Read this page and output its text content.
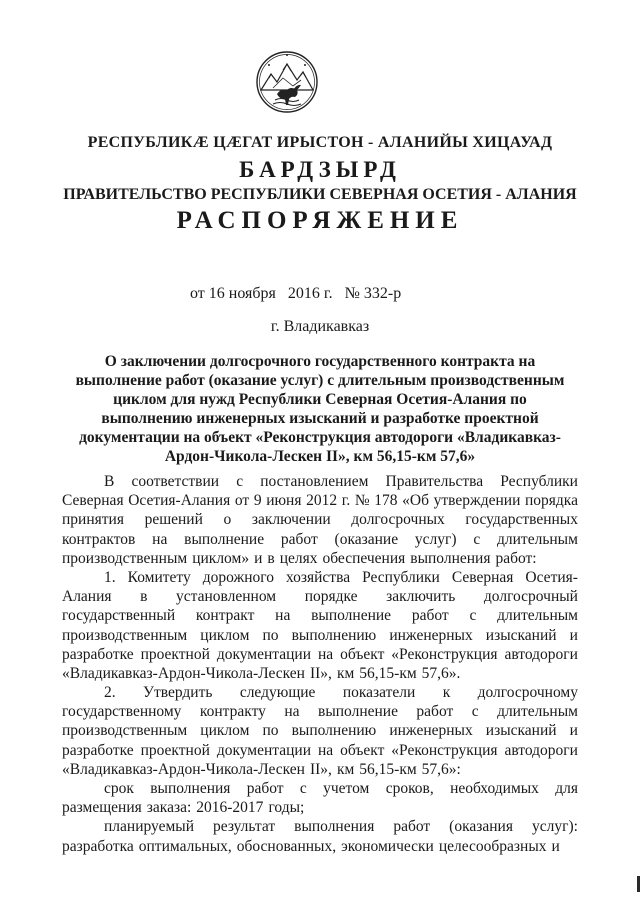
РЕСПУБЛИКӔ ЦӔГАТ ИРЫСТОН - АЛАНИЙЫ ХИЦАУАД
БАРДЗЫРД
ПРАВИТЕЛЬСТВО РЕСПУБЛИКИ СЕВЕРНАЯ ОСЕТИЯ - АЛАНИЯ
РАСПОРЯЖЕНИЕ
от 16 ноября   2016 г.   № 332-р
г. Владикавказ
О заключении долгосрочного государственного контракта на
выполнение работ (оказание услуг) с длительным производственным
циклом для нужд Республики Северная Осетия-Алания по
выполнению инженерных изысканий и разработке проектной
документации на объект «Реконструкция автодороги «Владикавказ-
Ардон-Чикола-Лескен II», км 56,15-км 57,6»
В соответствии с постановлением Правительства Республики
Северная Осетия-Алания от 9 июня 2012 г. № 178 «Об утверждении порядка
принятия решений о заключении долгосрочных государственных
контрактов на выполнение работ (оказание услуг) с длительным
производственным циклом» и в целях обеспечения выполнения работ:
1. Комитету дорожного хозяйства Республики Северная Осетия-
Алания в установленном порядке заключить долгосрочный
государственный контракт на выполнение работ с длительным
производственным циклом по выполнению инженерных изысканий и
разработке проектной документации на объект «Реконструкция автодороги
«Владикавказ-Ардон-Чикола-Лескен II», км 56,15-км 57,6».
2. Утвердить следующие показатели к долгосрочному
государственному контракту на выполнение работ с длительным
производственным циклом по выполнению инженерных изысканий и
разработке проектной документации на объект «Реконструкция автодороги
«Владикавказ-Ардон-Чикола-Лескен II», км 56,15-км 57,6»:
срок выполнения работ с учетом сроков, необходимых для
размещения заказа: 2016-2017 годы;
планируемый результат выполнения работ (оказания услуг):
разработка оптимальных, обоснованных, экономически целесообразных и
